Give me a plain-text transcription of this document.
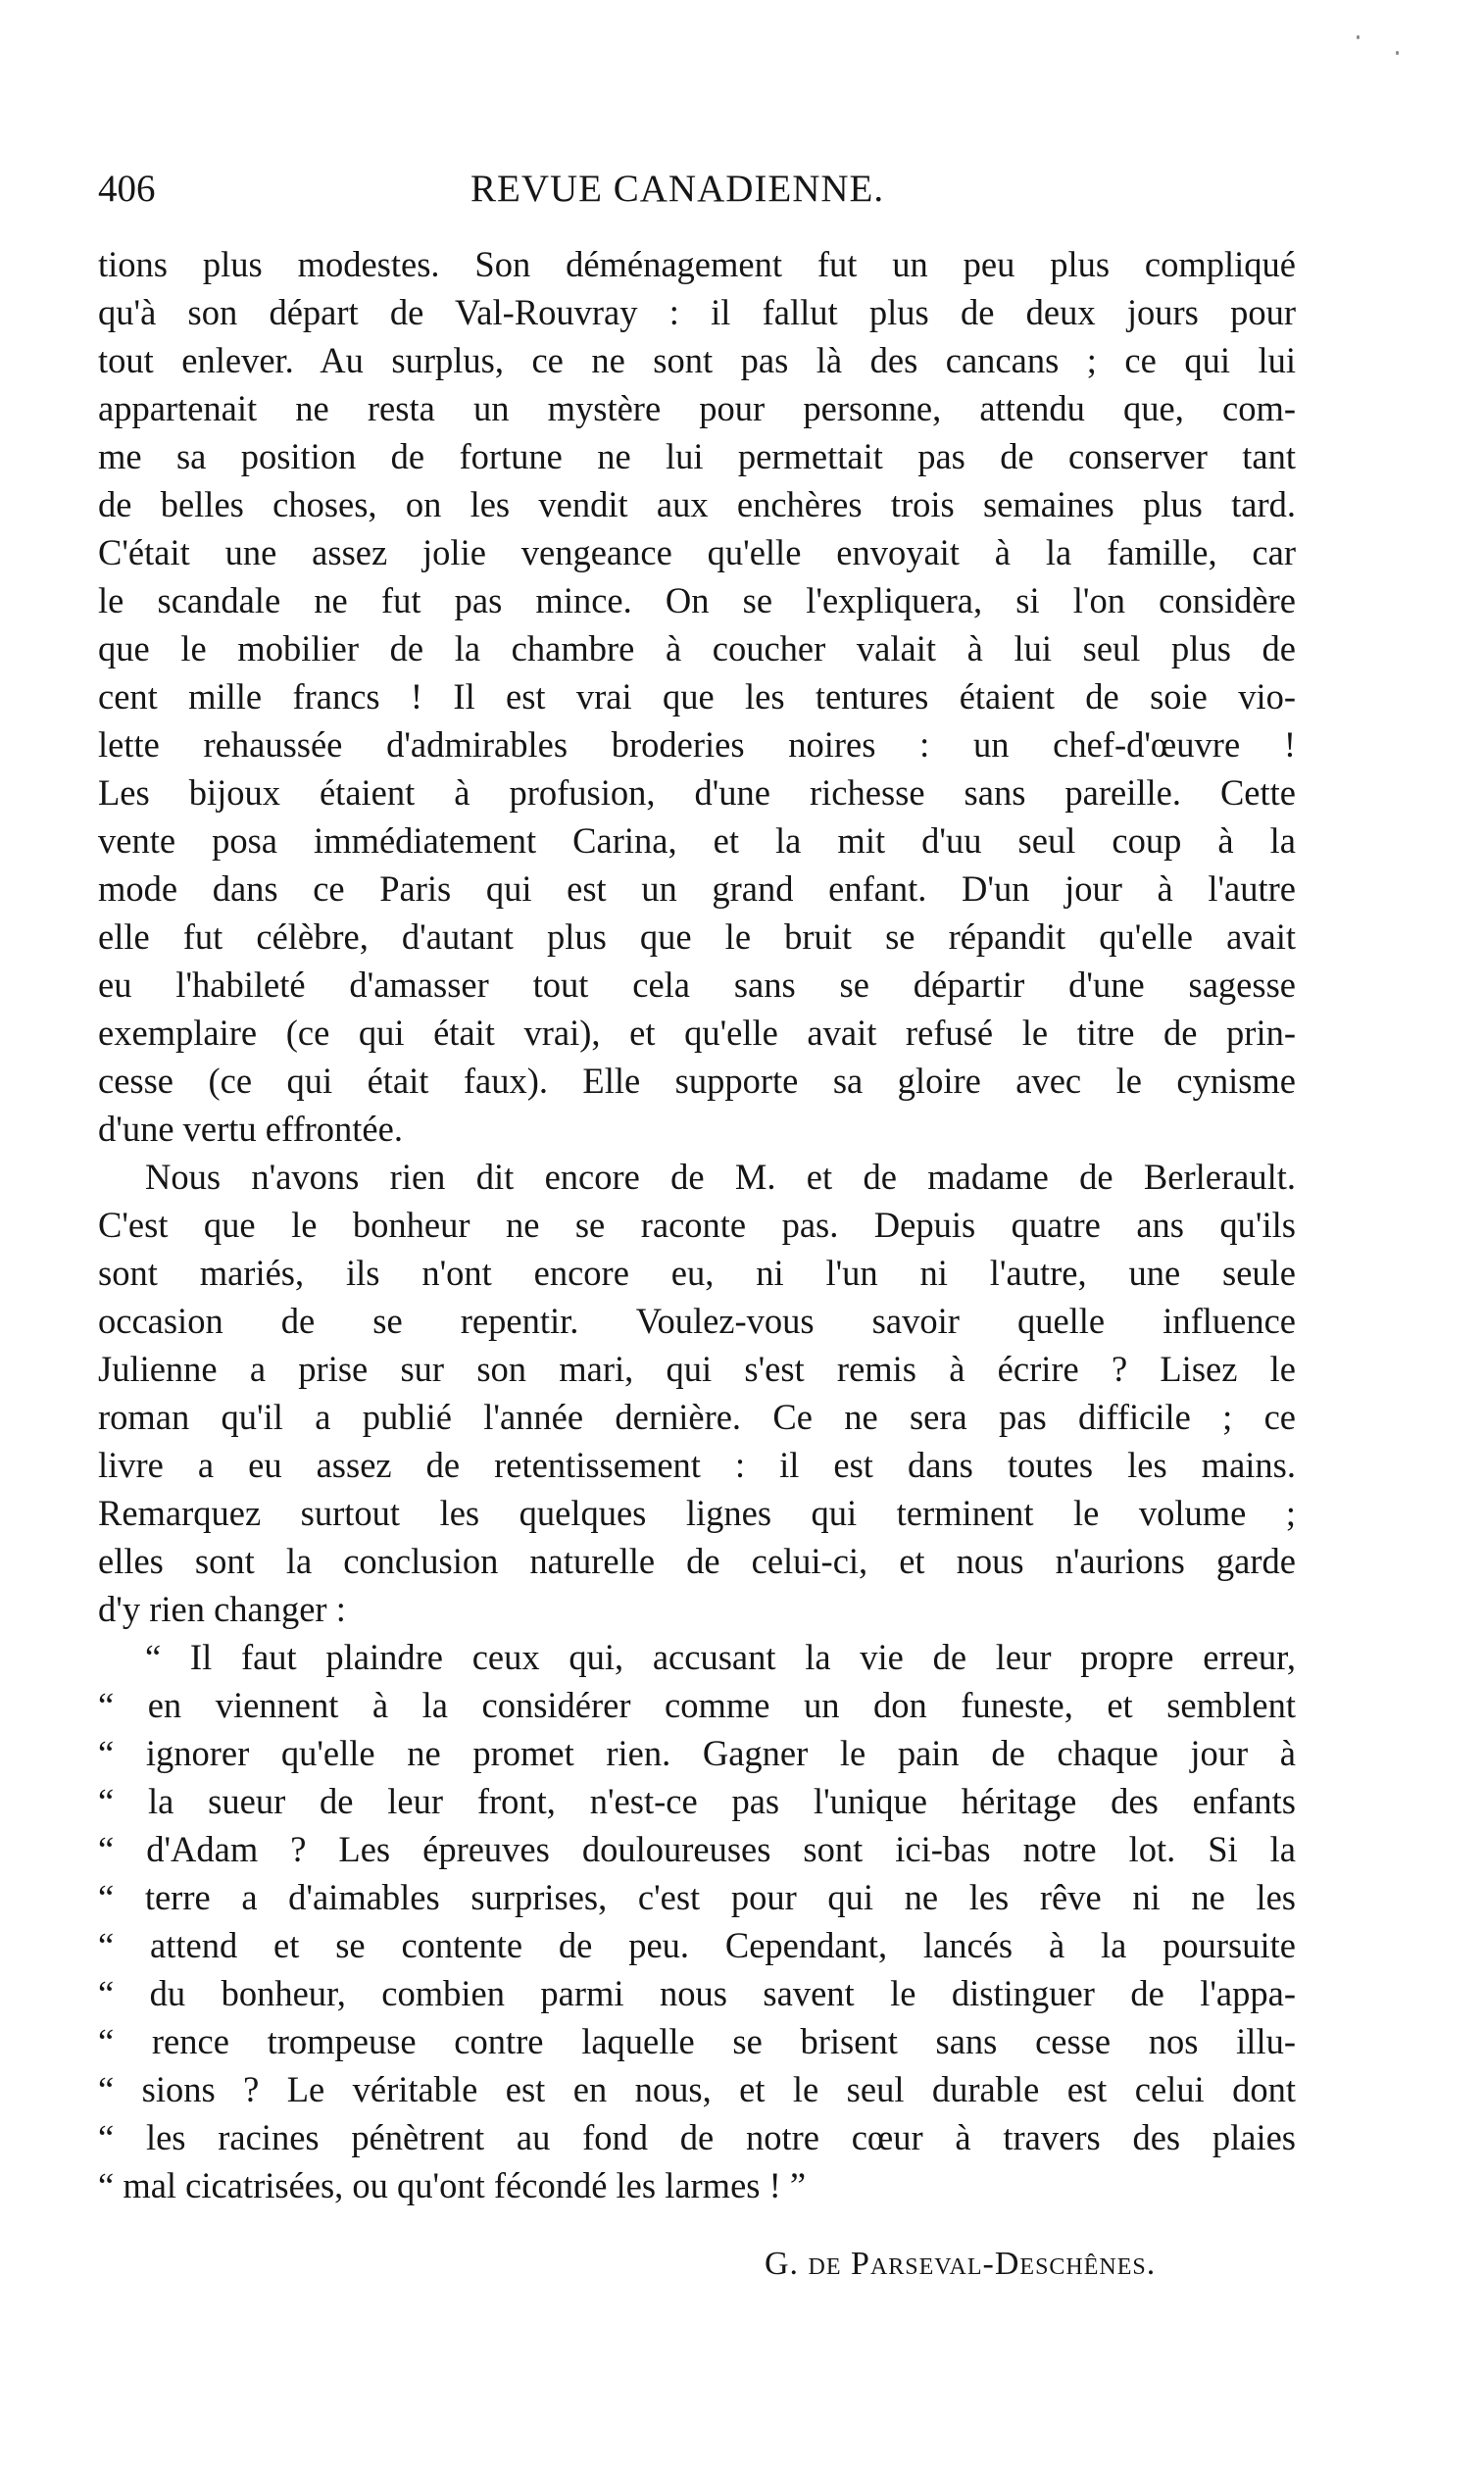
406	REVUE CANADIENNE.
tions plus modestes. Son déménagement fut un peu plus compliqué
qu'à son départ de Val-Rouvray : il fallut plus de deux jours pour
tout enlever. Au surplus, ce ne sont pas là des cancans ; ce qui lui
appartenait ne resta un mystère pour personne, attendu que, com-
me sa position de fortune ne lui permettait pas de conserver tant
de belles choses, on les vendit aux enchères trois semaines plus tard.
C'était une assez jolie vengeance qu'elle envoyait à la famille, car
le scandale ne fut pas mince. On se l'expliquera, si l'on considère
que le mobilier de la chambre à coucher valait à lui seul plus de
cent mille francs ! Il est vrai que les tentures étaient de soie vio-
lette rehaussée d'admirables broderies noires : un chef-d'œuvre !
Les bijoux étaient à profusion, d'une richesse sans pareille. Cette
vente posa immédiatement Carina, et la mit d'uu seul coup à la
mode dans ce Paris qui est un grand enfant. D'un jour à l'autre
elle fut célèbre, d'autant plus que le bruit se répandit qu'elle avait
eu l'habileté d'amasser tout cela sans se départir d'une sagesse
exemplaire (ce qui était vrai), et qu'elle avait refusé le titre de prin-
cesse (ce qui était faux). Elle supporte sa gloire avec le cynisme
d'une vertu effrontée.
Nous n'avons rien dit encore de M. et de madame de Berlerault.
C'est que le bonheur ne se raconte pas. Depuis quatre ans qu'ils
sont mariés, ils n'ont encore eu, ni l'un ni l'autre, une seule
occasion de se repentir. Voulez-vous savoir quelle influence
Julienne a prise sur son mari, qui s'est remis à écrire ? Lisez le
roman qu'il a publié l'année dernière. Ce ne sera pas difficile ; ce
livre a eu assez de retentissement : il est dans toutes les mains.
Remarquez surtout les quelques lignes qui terminent le volume ;
elles sont la conclusion naturelle de celui-ci, et nous n'aurions garde
d'y rien changer :
“ Il faut plaindre ceux qui, accusant la vie de leur propre erreur,
“ en viennent à la considérer comme un don funeste, et semblent
“ ignorer qu'elle ne promet rien. Gagner le pain de chaque jour à
“ la sueur de leur front, n'est-ce pas l'unique héritage des enfants
“ d'Adam ? Les épreuves douloureuses sont ici-bas notre lot. Si la
“ terre a d'aimables surprises, c'est pour qui ne les rêve ni ne les
“ attend et se contente de peu. Cependant, lancés à la poursuite
“ du bonheur, combien parmi nous savent le distinguer de l'appa-
“ rence trompeuse contre laquelle se brisent sans cesse nos illu-
“ sions ? Le véritable est en nous, et le seul durable est celui dont
“ les racines pénètrent au fond de notre cœur à travers des plaies
“ mal cicatrisées, ou qu'ont fécondé les larmes ! ”
G. de Parseval-Deschênes.
